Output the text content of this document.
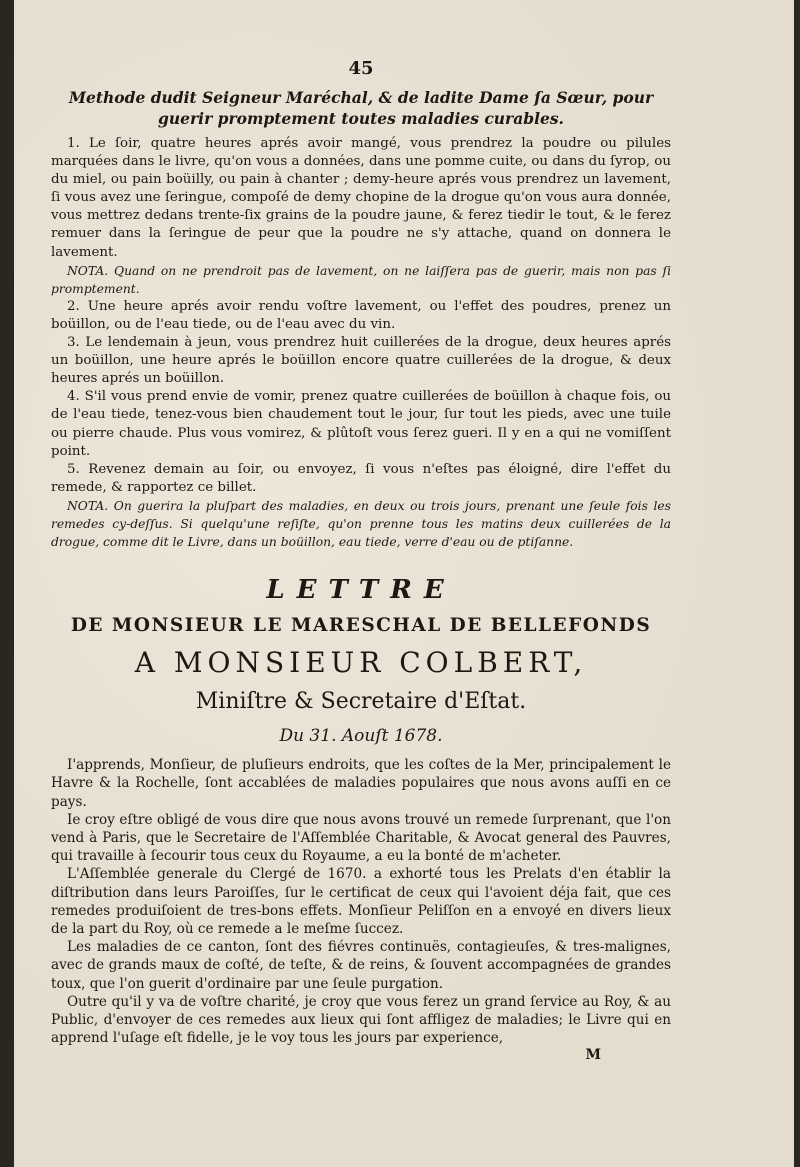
45
Methode dudit Seigneur Maréchal, & de ladite Dame ſa Sœur, pour guerir promptement toutes maladies curables.

1. Le ſoir, quatre heures aprés avoir mangé, vous prendrez la poudre ou pilules marquées dans le livre, qu'on vous a données, dans une pomme cuite, ou dans du ſyrop, ou du miel, ou pain boüilly, ou pain à chanter ; demy-heure aprés vous prendrez un lavement, ſi vous avez une ſeringue, compoſé de demy chopine de la drogue qu'on vous aura donnée, vous mettrez dedans trente-ſix grains de la poudre jaune, & ferez tiedir le tout, & le ferez remuer dans la ſeringue de peur que la poudre ne s'y attache, quand on donnera le lavement.

NOTA. Quand on ne prendroit pas de lavement, on ne laiſſera pas de guerir, mais non pas ſi promptement.

2. Une heure aprés avoir rendu voſtre lavement, ou l'effet des poudres, prenez un boüillon, ou de l'eau tiede, ou de l'eau avec du vin.

3. Le lendemain à jeun, vous prendrez huit cuillerées de la drogue, deux heures aprés un boüillon, une heure aprés le boüillon encore quatre cuillerées de la drogue, & deux heures aprés un boüillon.

4. S'il vous prend envie de vomir, prenez quatre cuillerées de boüillon à chaque fois, ou de l'eau tiede, tenez-vous bien chaudement tout le jour, ſur tout les pieds, avec une tuile ou pierre chaude. Plus vous vomirez, & plûtoſt vous ſerez gueri. Il y en a qui ne vomiſſent point.

5. Revenez demain au ſoir, ou envoyez, ſi vous n'eſtes pas éloigné, dire l'effet du remede, & rapportez ce billet.

NOTA. On guerira la pluſpart des maladies, en deux ou trois jours, prenant une ſeule fois les remedes cy-deſſus. Si quelqu'une reſiſte, qu'on prenne tous les matins deux cuillerées de la drogue, comme dit le Livre, dans un boüillon, eau tiede, verre d'eau ou de ptiſanne.

LETTRE
DE MONSIEUR LE MARESCHAL DE BELLEFONDS
A MONSIEUR COLBERT,
Miniſtre & Secretaire d'Eſtat.
Du 31. Aouſt 1678.

I'apprends, Monſieur, de pluſieurs endroits, que les coſtes de la Mer, principalement le Havre & la Rochelle, ſont accablées de maladies populaires que nous avons auſſi en ce pays.

Ie croy eſtre obligé de vous dire que nous avons trouvé un remede ſurprenant, que l'on vend à Paris, que le Secretaire de l'Aſſemblée Charitable, & Avocat general des Pauvres, qui travaille à ſecourir tous ceux du Royaume, a eu la bonté de m'acheter.

L'Aſſemblée generale du Clergé de 1670. a exhorté tous les Prelats d'en établir la diſtribution dans leurs Paroiſſes, ſur le certificat de ceux qui l'avoient déja fait, que ces remedes produiſoient de tres-bons effets. Monſieur Peliſſon en a envoyé en divers lieux de la part du Roy, où ce remede a le meſme ſuccez.

Les maladies de ce canton, ſont des fiévres continuës, contagieuſes, & tres-malignes, avec de grands maux de coſté, de teſte, & de reins, & ſouvent accompagnées de grandes toux, que l'on guerit d'ordinaire par une ſeule purgation.

Outre qu'il y va de voſtre charité, je croy que vous ferez un grand ſervice au Roy, & au Public, d'envoyer de ces remedes aux lieux qui ſont affligez de maladies; le Livre qui en apprend l'uſage eſt fidelle, je le voy tous les jours par experience,

M
